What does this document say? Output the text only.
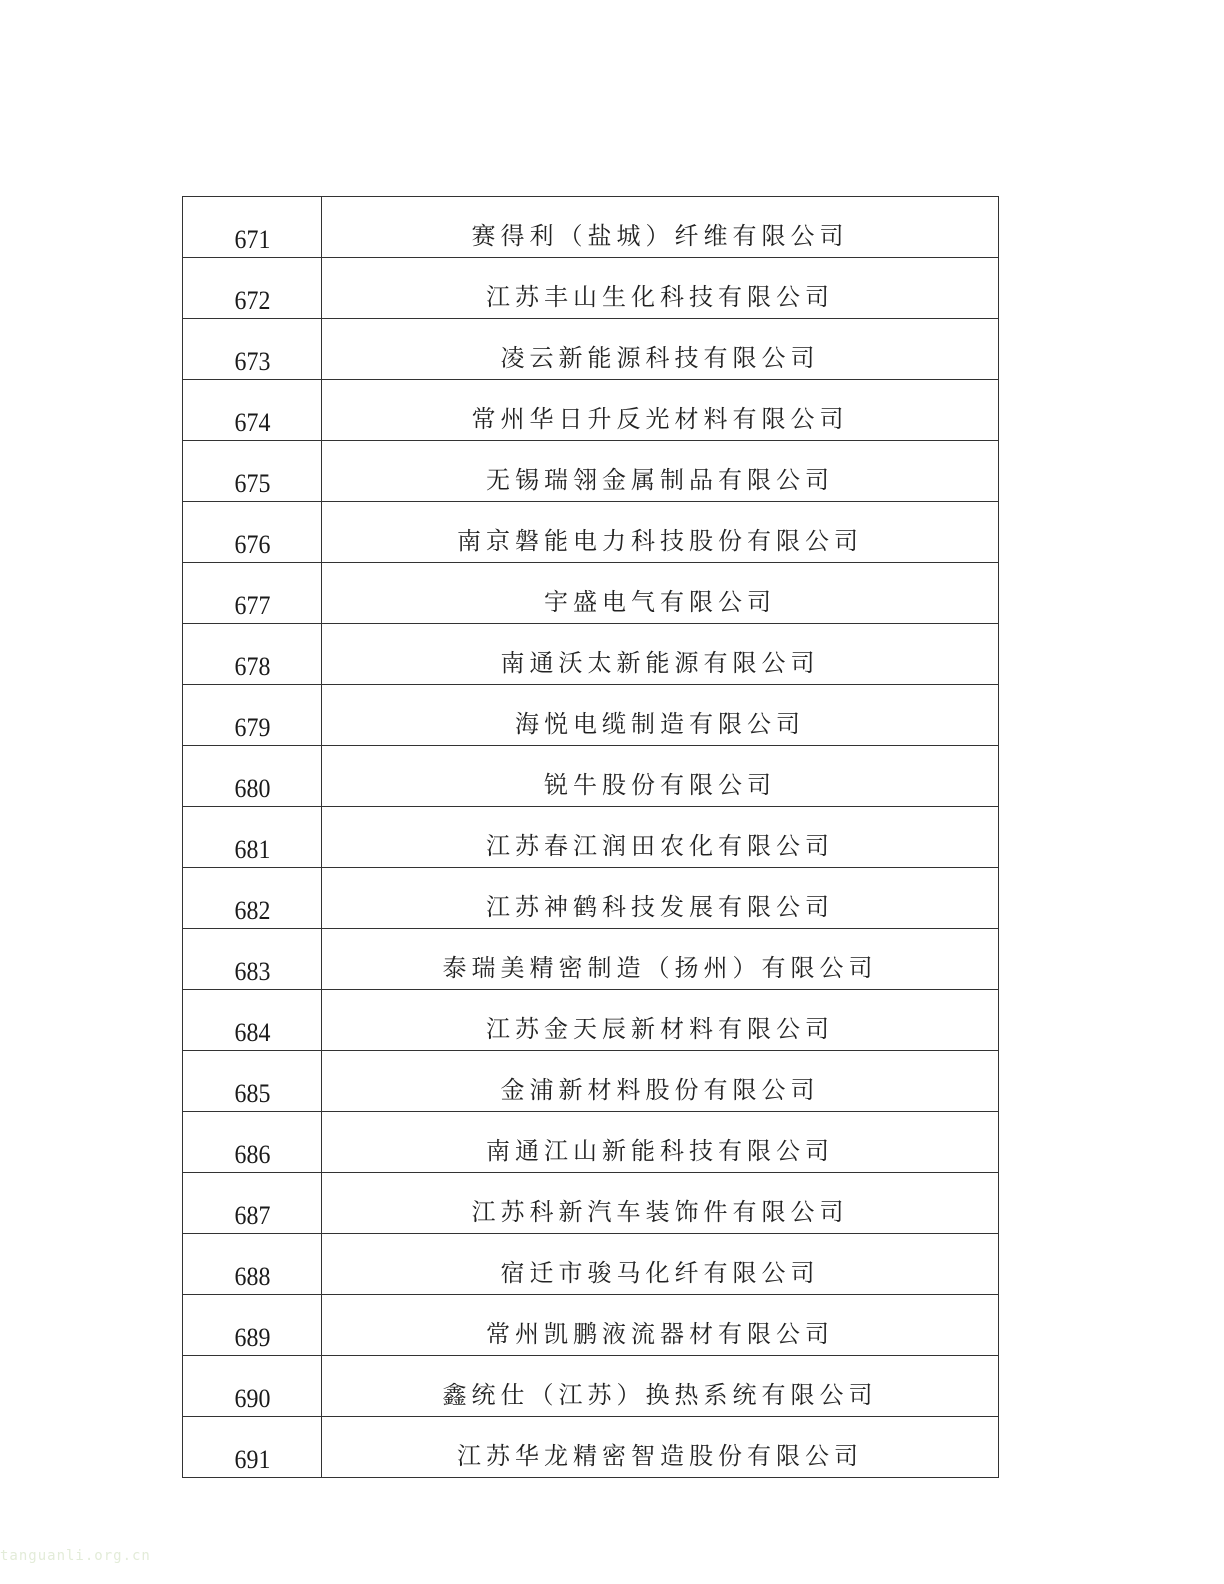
671	赛得利（盐城）纤维有限公司
672	江苏丰山生化科技有限公司
673	凌云新能源科技有限公司
674	常州华日升反光材料有限公司
675	无锡瑞翎金属制品有限公司
676	南京磐能电力科技股份有限公司
677	宇盛电气有限公司
678	南通沃太新能源有限公司
679	海悦电缆制造有限公司
680	锐牛股份有限公司
681	江苏春江润田农化有限公司
682	江苏神鹤科技发展有限公司
683	泰瑞美精密制造（扬州）有限公司
684	江苏金天辰新材料有限公司
685	金浦新材料股份有限公司
686	南通江山新能科技有限公司
687	江苏科新汽车装饰件有限公司
688	宿迁市骏马化纤有限公司
689	常州凯鹏液流器材有限公司
690	鑫统仕（江苏）换热系统有限公司
691	江苏华龙精密智造股份有限公司
tanguanli.org.cn
